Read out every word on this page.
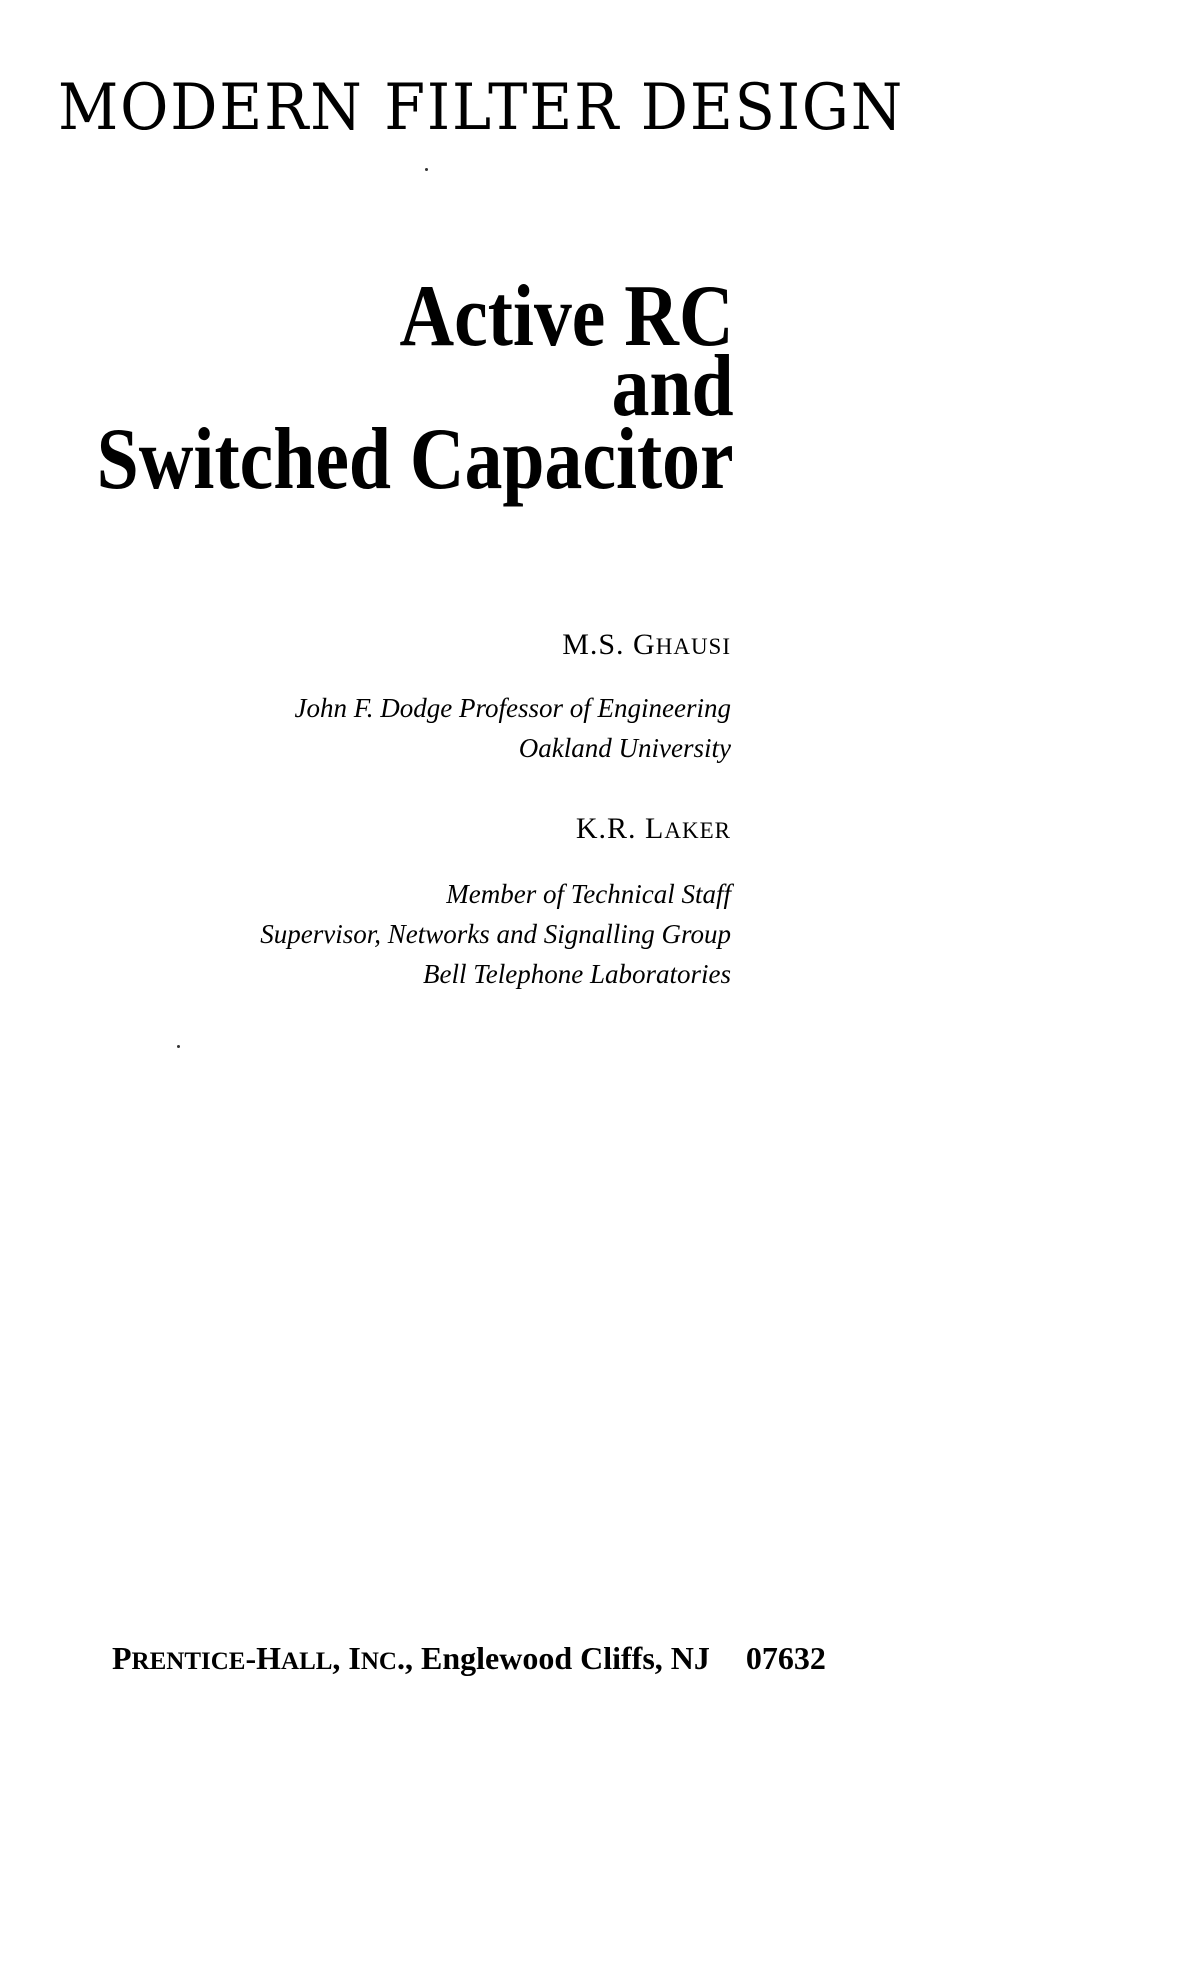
MODERN FILTER DESIGN
Active RC
and
Switched Capacitor
M.S. GHAUSI
John F. Dodge Professor of Engineering
Oakland University
K.R. LAKER
Member of Technical Staff
Supervisor, Networks and Signalling Group
Bell Telephone Laboratories
PRENTICE-HALL, INC., Englewood Cliffs, NJ 07632
